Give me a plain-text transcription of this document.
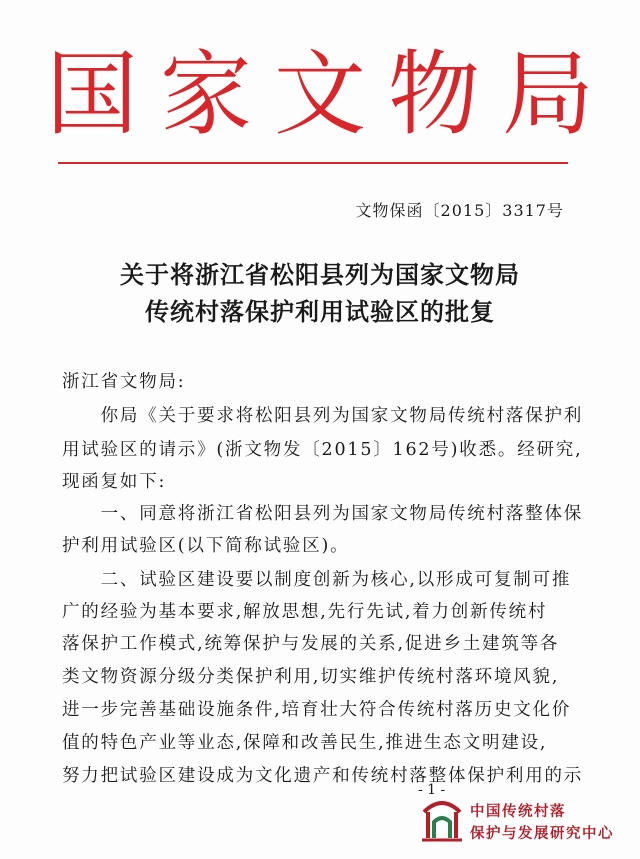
国家文物局
文物保函〔2015〕3317号
关于将浙江省松阳县列为国家文物局
传统村落保护利用试验区的批复
浙江省文物局:
　　你局《关于要求将松阳县列为国家文物局传统村落保护利
用试验区的请示》(浙文物发〔2015〕162号)收悉。经研究,
现函复如下:
　　一、同意将浙江省松阳县列为国家文物局传统村落整体保
护利用试验区(以下简称试验区)。
　　二、试验区建设要以制度创新为核心,以形成可复制可推
广的经验为基本要求,解放思想,先行先试,着力创新传统村
落保护工作模式,统筹保护与发展的关系,促进乡土建筑等各
类文物资源分级分类保护利用,切实维护传统村落环境风貌,
进一步完善基础设施条件,培育壮大符合传统村落历史文化价
值的特色产业等业态,保障和改善民生,推进生态文明建设,
努力把试验区建设成为文化遗产和传统村落整体保护利用的示
- 1 -
中国传统村落
保护与发展研究中心
